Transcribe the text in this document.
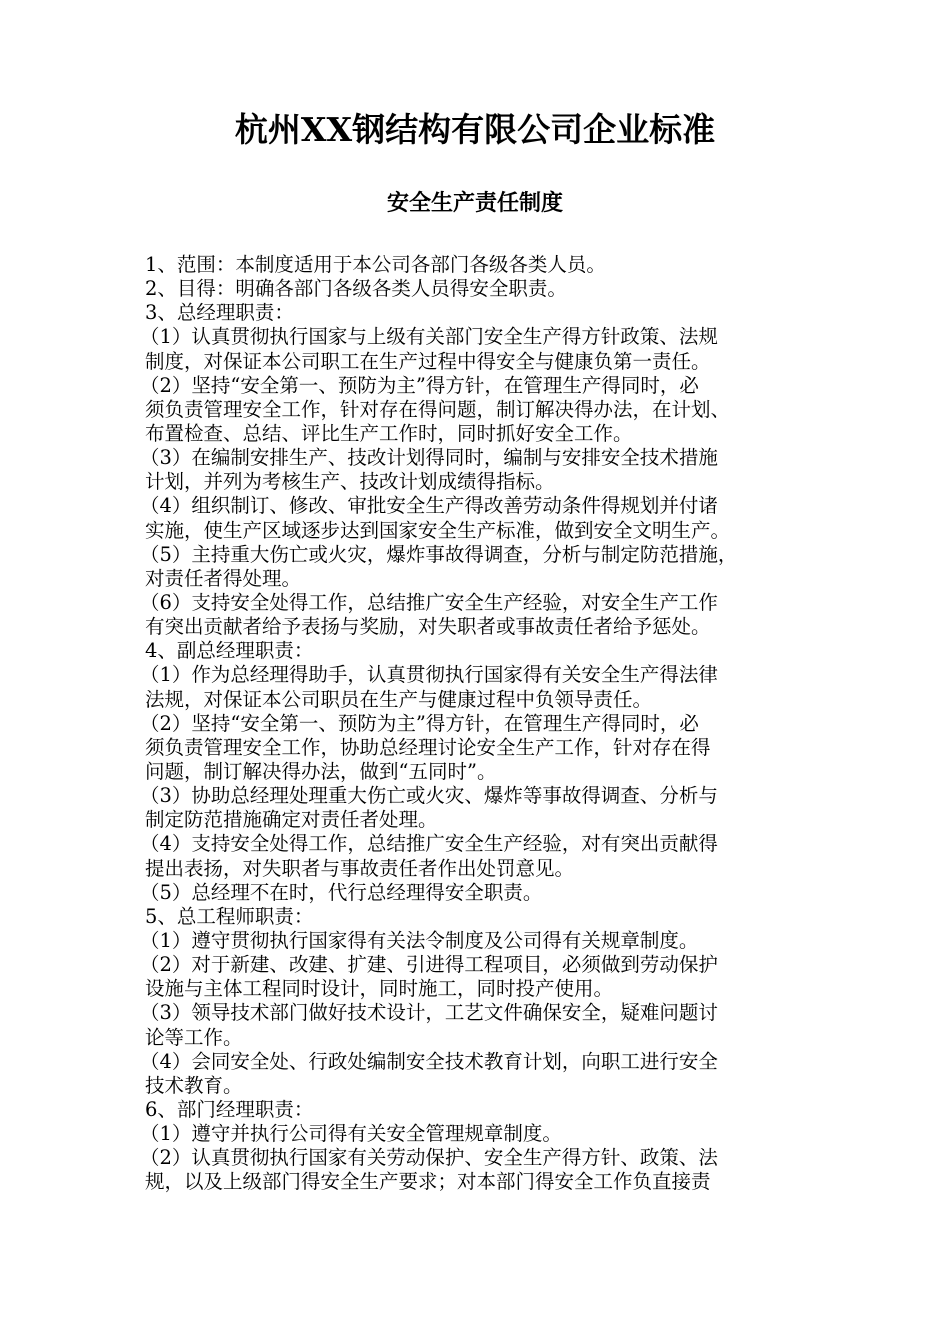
杭州XX钢结构有限公司企业标准
安全生产责任制度
1、范围：本制度适用于本公司各部门各级各类人员。
2、目得：明确各部门各级各类人员得安全职责。
3、总经理职责：
（1）认真贯彻执行国家与上级有关部门安全生产得方针政策、法规
制度，对保证本公司职工在生产过程中得安全与健康负第一责任。
（2）坚持“安全第一、预防为主”得方针，在管理生产得同时，必
须负责管理安全工作，针对存在得问题，制订解决得办法，在计划、
布置检查、总结、评比生产工作时，同时抓好安全工作。
（3）在编制安排生产、技改计划得同时，编制与安排安全技术措施
计划，并列为考核生产、技改计划成绩得指标。
（4）组织制订、修改、审批安全生产得改善劳动条件得规划并付诸
实施，使生产区域逐步达到国家安全生产标准，做到安全文明生产。
（5）主持重大伤亡或火灾，爆炸事故得调查，分析与制定防范措施，
对责任者得处理。
（6）支持安全处得工作，总结推广安全生产经验，对安全生产工作
有突出贡献者给予表扬与奖励，对失职者或事故责任者给予惩处。
4、副总经理职责：
（1）作为总经理得助手，认真贯彻执行国家得有关安全生产得法律
法规，对保证本公司职员在生产与健康过程中负领导责任。
（2）坚持“安全第一、预防为主”得方针，在管理生产得同时，必
须负责管理安全工作，协助总经理讨论安全生产工作，针对存在得
问题，制订解决得办法，做到“五同时”。
（3）协助总经理处理重大伤亡或火灾、爆炸等事故得调查、分析与
制定防范措施确定对责任者处理。
（4）支持安全处得工作，总结推广安全生产经验，对有突出贡献得
提出表扬，对失职者与事故责任者作出处罚意见。
（5）总经理不在时，代行总经理得安全职责。
5、总工程师职责：
（1）遵守贯彻执行国家得有关法令制度及公司得有关规章制度。
（2）对于新建、改建、扩建、引进得工程项目，必须做到劳动保护
设施与主体工程同时设计，同时施工，同时投产使用。
（3）领导技术部门做好技术设计，工艺文件确保安全，疑难问题讨
论等工作。
（4）会同安全处、行政处编制安全技术教育计划，向职工进行安全
技术教育。
6、部门经理职责：
（1）遵守并执行公司得有关安全管理规章制度。
（2）认真贯彻执行国家有关劳动保护、安全生产得方针、政策、法
规，以及上级部门得安全生产要求；对本部门得安全工作负直接责
